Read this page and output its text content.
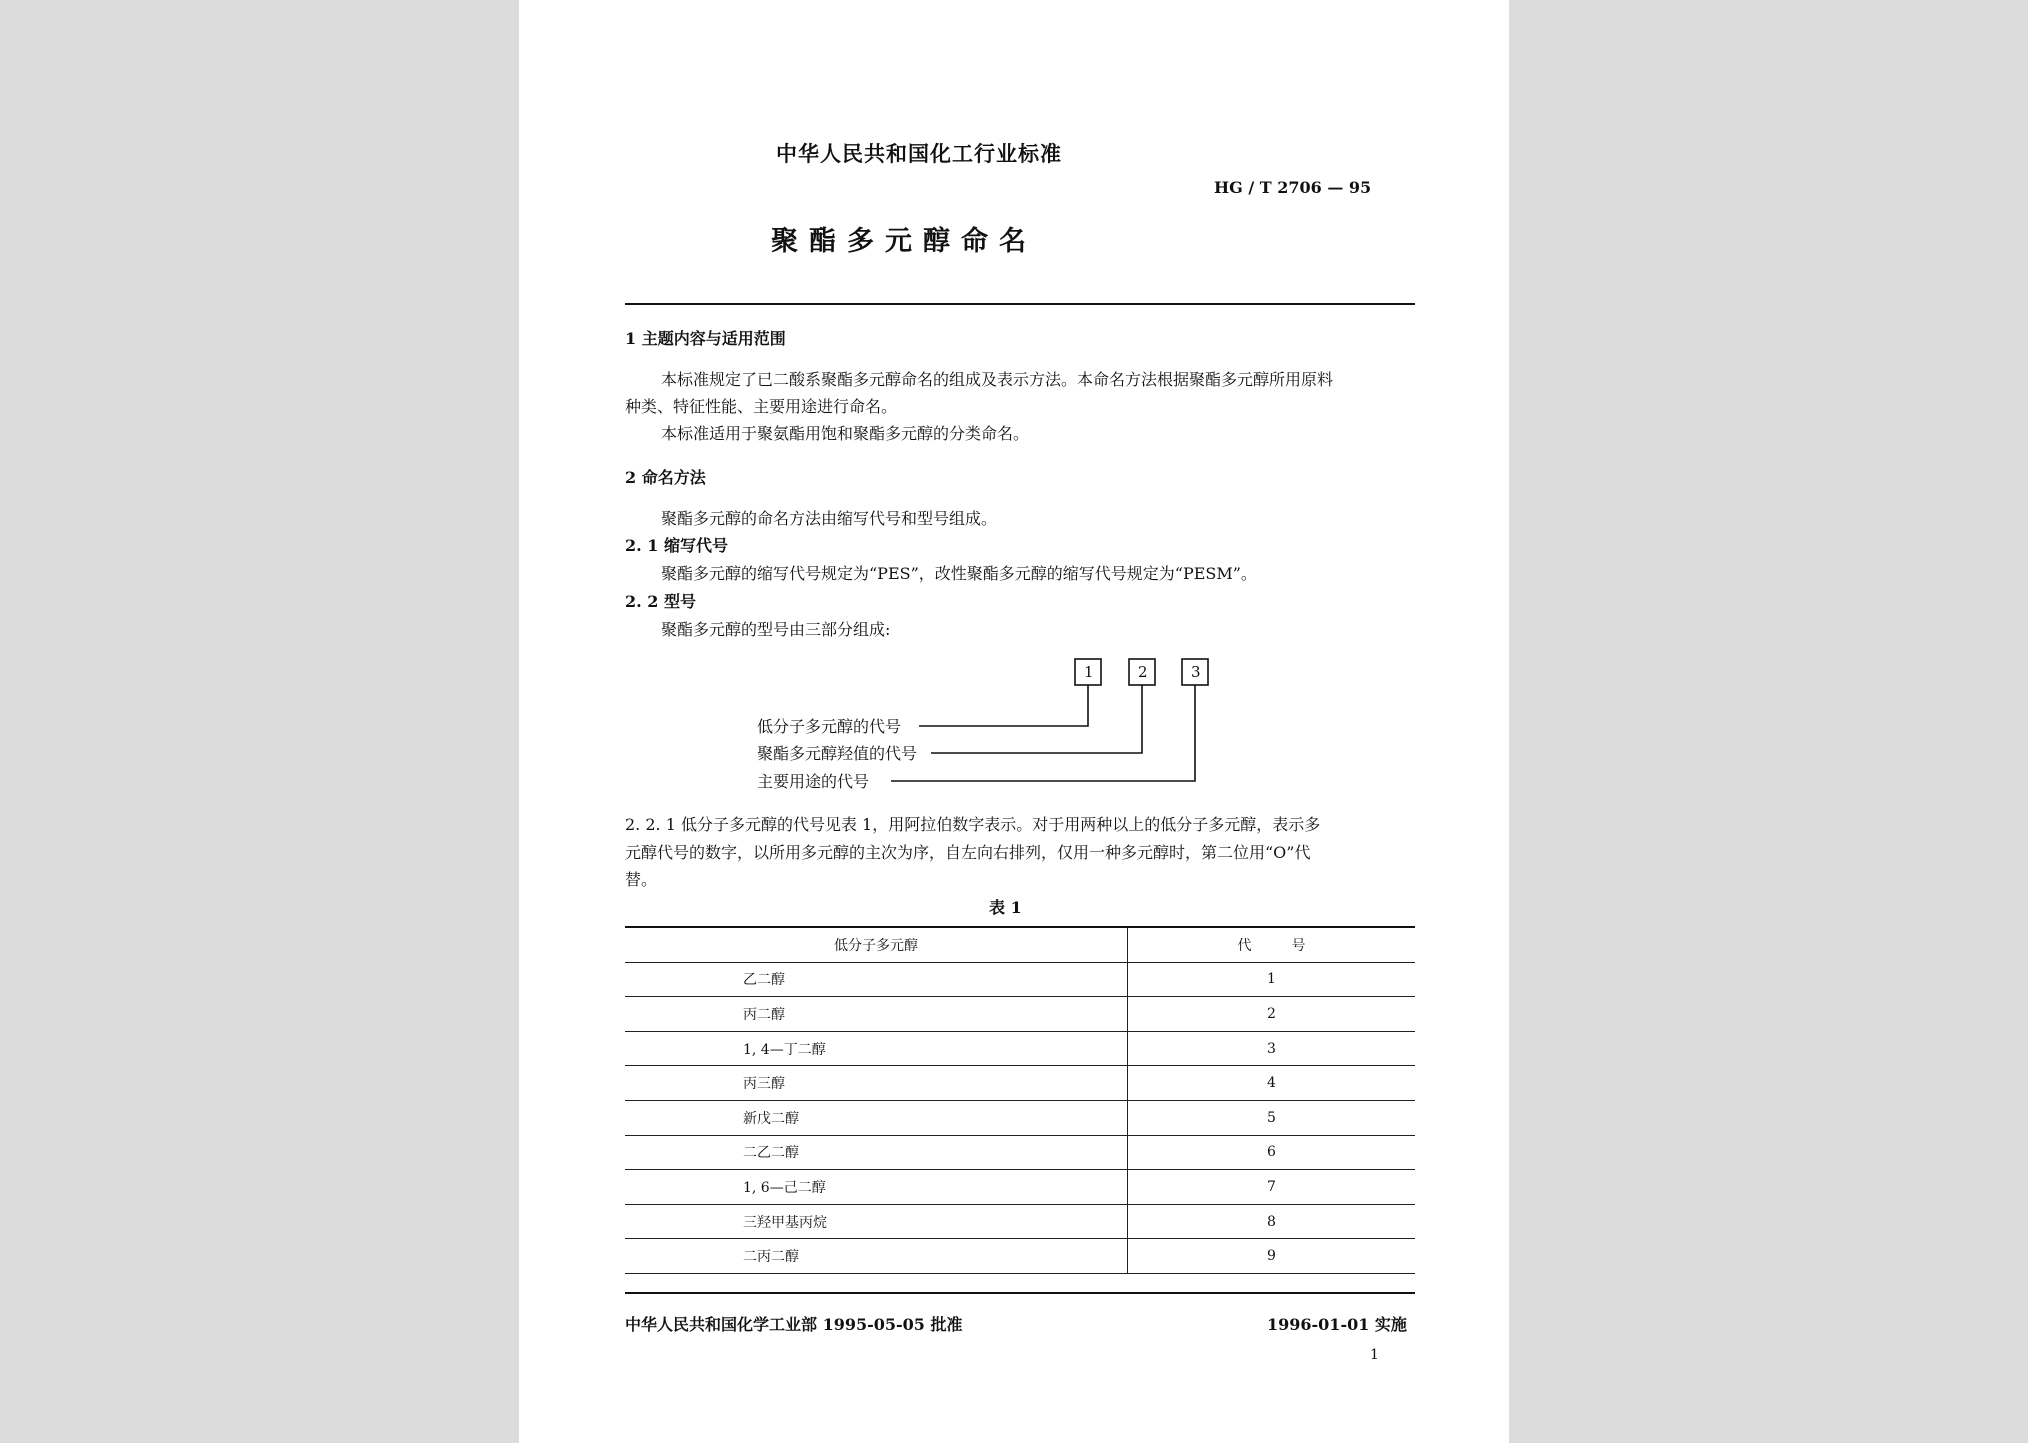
中华人民共和国化工行业标准
HG / T 2706 — 95
聚酯多元醇命名
1 主题内容与适用范围
本标准规定了已二酸系聚酯多元醇命名的组成及表示方法。本命名方法根据聚酯多元醇所用原料
种类、特征性能、主要用途进行命名。
本标准适用于聚氨酯用饱和聚酯多元醇的分类命名。
2 命名方法
聚酯多元醇的命名方法由缩写代号和型号组成。
2. 1 缩写代号
聚酯多元醇的缩写代号规定为“PES”，改性聚酯多元醇的缩写代号规定为“PESM”。
2. 2 型号
聚酯多元醇的型号由三部分组成:
1	2	3
低分子多元醇的代号
聚酯多元醇羟值的代号
主要用途的代号
2. 2. 1 低分子多元醇的代号见表 1，用阿拉伯数字表示。对于用两种以上的低分子多元醇，表示多
元醇代号的数字，以所用多元醇的主次为序，自左向右排列，仅用一种多元醇时，第二位用“O”代
替。
表 1
低分子多元醇	代号
乙二醇	1
丙二醇	2
1, 4—丁二醇	3
丙三醇	4
新戊二醇	5
二乙二醇	6
1, 6—己二醇	7
三羟甲基丙烷	8
二丙二醇	9
中华人民共和国化学工业部 1995-05-05 批准	1996-01-01 实施
1
